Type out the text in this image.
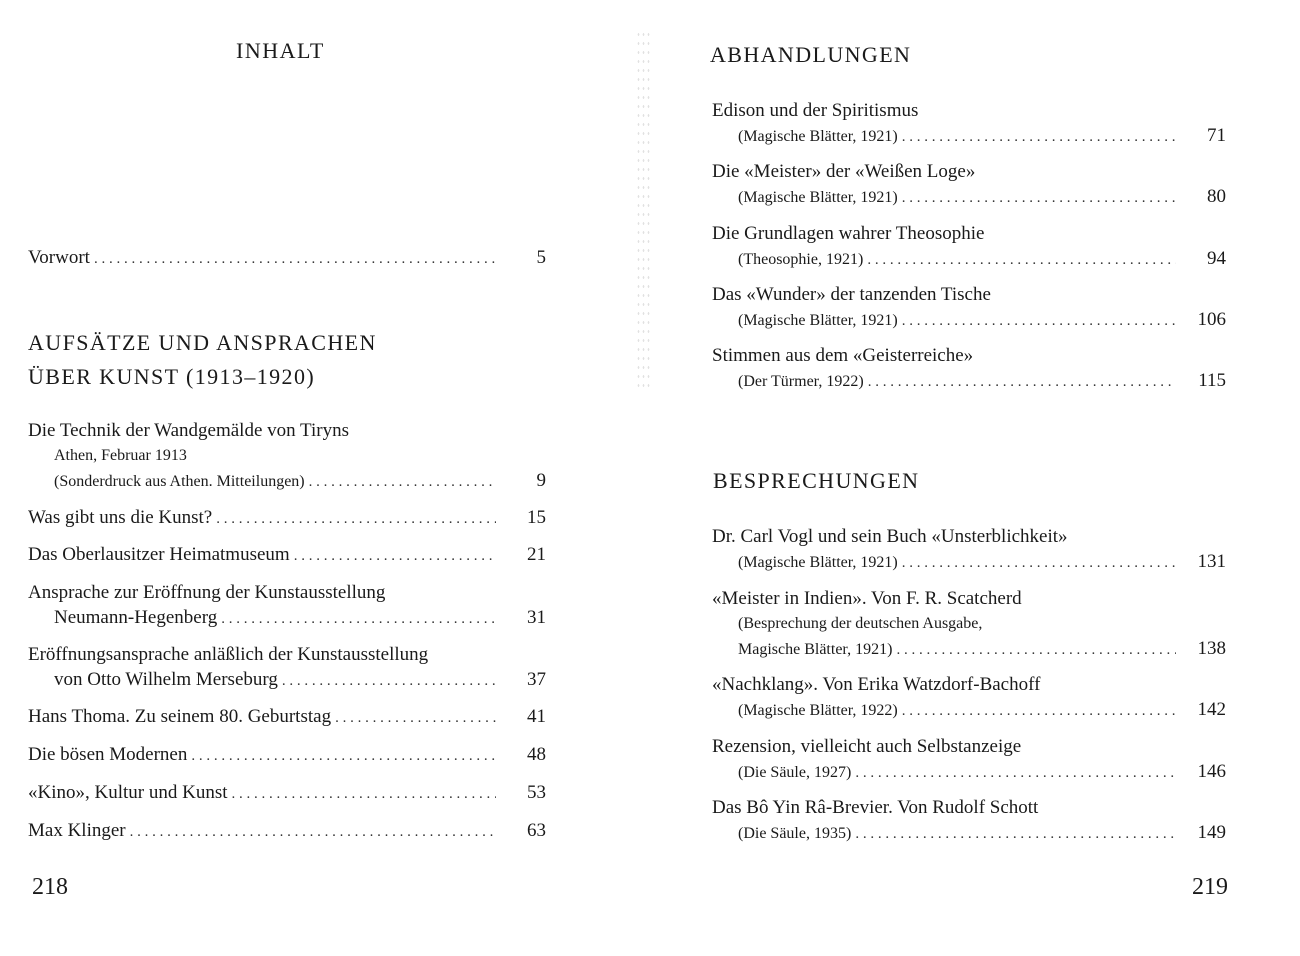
INHALT
Vorwort . . .	5
AUFSÄTZE UND ANSPRACHEN
ÜBER KUNST (1913–1920)
Die Technik der Wandgemälde von Tiryns
Athen, Februar 1913
(Sonderdruck aus Athen. Mitteilungen) . . .	9
Was gibt uns die Kunst? . . .	15
Das Oberlausitzer Heimatmuseum . . .	21
Ansprache zur Eröffnung der Kunstausstellung
Neumann-Hegenberg . . .	31
Eröffnungsansprache anläßlich der Kunstausstellung
von Otto Wilhelm Merseburg . . .	37
Hans Thoma. Zu seinem 80. Geburtstag . . .	41
Die bösen Modernen . . .	48
«Kino», Kultur und Kunst . . .	53
Max Klinger . . .	63
218
ABHANDLUNGEN
Edison und der Spiritismus
(Magische Blätter, 1921) . . .	71
Die «Meister» der «Weißen Loge»
(Magische Blätter, 1921) . . .	80
Die Grundlagen wahrer Theosophie
(Theosophie, 1921) . . .	94
Das «Wunder» der tanzenden Tische
(Magische Blätter, 1921) . . .	106
Stimmen aus dem «Geisterreiche»
(Der Türmer, 1922) . . .	115
BESPRECHUNGEN
Dr. Carl Vogl und sein Buch «Unsterblichkeit»
(Magische Blätter, 1921) . . .	131
«Meister in Indien». Von F. R. Scatcherd
(Besprechung der deutschen Ausgabe,
Magische Blätter, 1921) . . .	138
«Nachklang». Von Erika Watzdorf-Bachoff
(Magische Blätter, 1922) . . .	142
Rezension, vielleicht auch Selbstanzeige
(Die Säule, 1927) . . .	146
Das Bô Yin Râ-Brevier. Von Rudolf Schott
(Die Säule, 1935) . . .	149
219
